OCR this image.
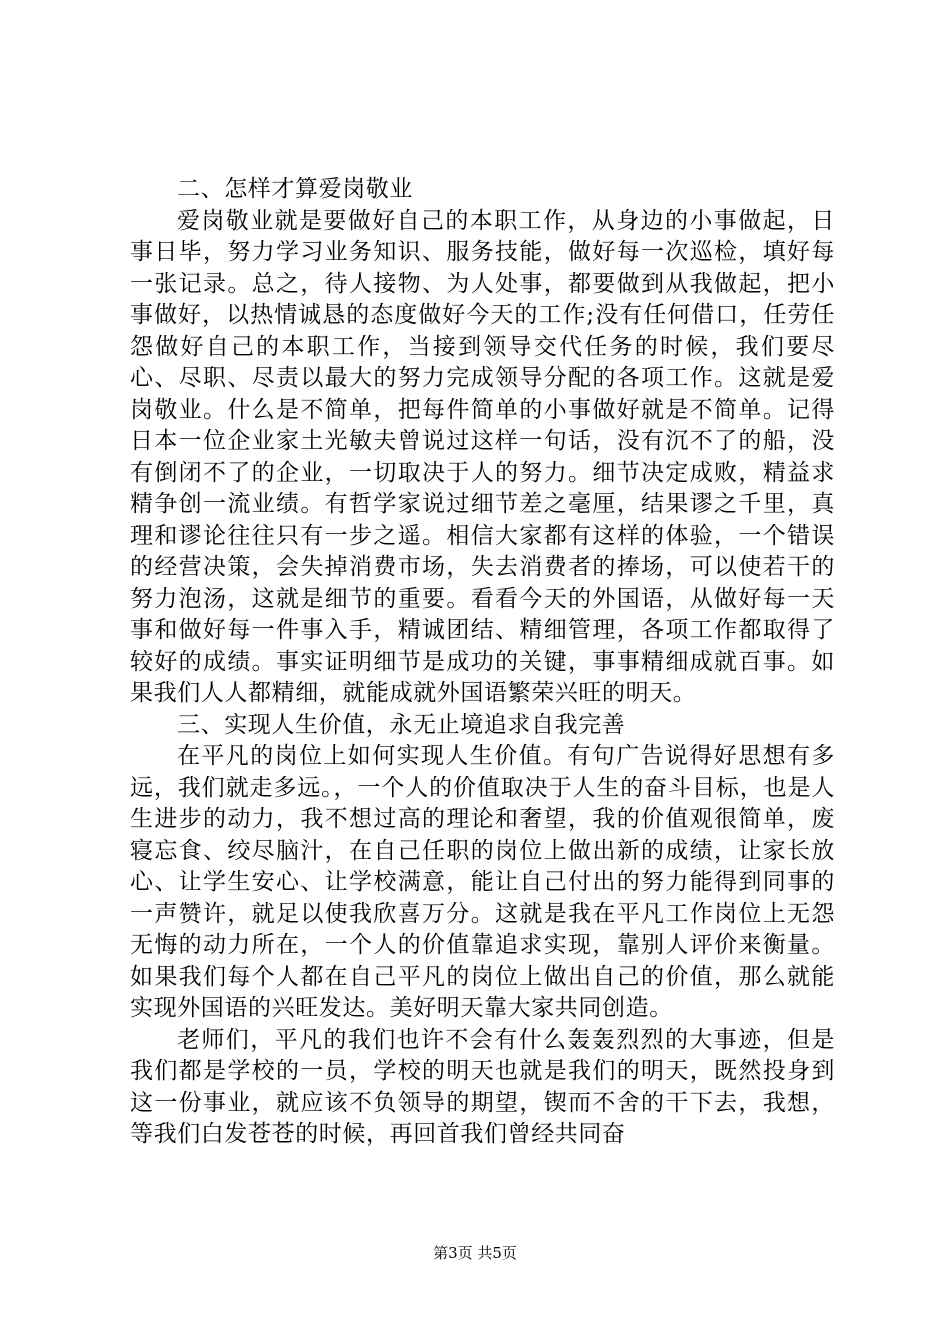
二、怎样才算爱岗敬业

爱岗敬业就是要做好自己的本职工作，从身边的小事做起，日事日毕，努力学习业务知识、服务技能，做好每一次巡检，填好每一张记录。总之，待人接物、为人处事，都要做到从我做起，把小事做好，以热情诚恳的态度做好今天的工作;没有任何借口，任劳任怨做好自己的本职工作，当接到领导交代任务的时候，我们要尽心、尽职、尽责以最大的努力完成领导分配的各项工作。这就是爱岗敬业。什么是不简单，把每件简单的小事做好就是不简单。记得日本一位企业家土光敏夫曾说过这样一句话，没有沉不了的船，没有倒闭不了的企业，一切取决于人的努力。细节决定成败，精益求精争创一流业绩。有哲学家说过细节差之毫厘，结果谬之千里，真理和谬论往往只有一步之遥。相信大家都有这样的体验，一个错误的经营决策，会失掉消费市场，失去消费者的捧场，可以使若干的努力泡汤，这就是细节的重要。看看今天的外国语，从做好每一天事和做好每一件事入手，精诚团结、精细管理，各项工作都取得了较好的成绩。事实证明细节是成功的关键，事事精细成就百事。如果我们人人都精细，就能成就外国语繁荣兴旺的明天。

三、实现人生价值，永无止境追求自我完善

在平凡的岗位上如何实现人生价值。有句广告说得好思想有多远，我们就走多远。，一个人的价值取决于人生的奋斗目标，也是人生进步的动力，我不想过高的理论和奢望，我的价值观很简单，废寝忘食、绞尽脑汁，在自己任职的岗位上做出新的成绩，让家长放心、让学生安心、让学校满意，能让自己付出的努力能得到同事的一声赞许，就足以使我欣喜万分。这就是我在平凡工作岗位上无怨无悔的动力所在，一个人的价值靠追求实现，靠别人评价来衡量。如果我们每个人都在自己平凡的岗位上做出自己的价值，那么就能实现外国语的兴旺发达。美好明天靠大家共同创造。

老师们，平凡的我们也许不会有什么轰轰烈烈的大事迹，但是我们都是学校的一员，学校的明天也就是我们的明天，既然投身到这一份事业，就应该不负领导的期望，锲而不舍的干下去，我想，等我们白发苍苍的时候，再回首我们曾经共同奋

第3页 共5页
